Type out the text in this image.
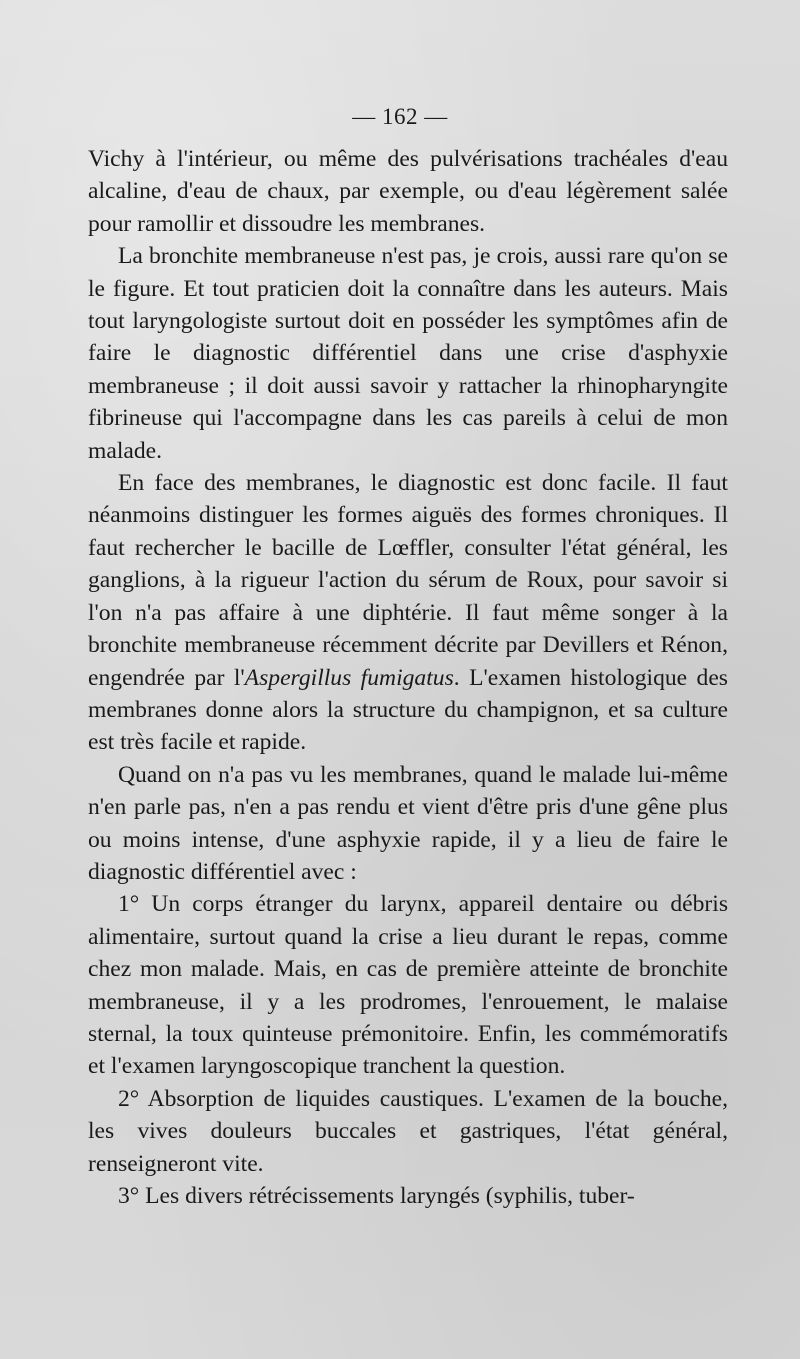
— 162 —

Vichy à l'intérieur, ou même des pulvérisations trachéales d'eau alcaline, d'eau de chaux, par exemple, ou d'eau légèrement salée pour ramollir et dissoudre les membranes.

La bronchite membraneuse n'est pas, je crois, aussi rare qu'on se le figure. Et tout praticien doit la connaître dans les auteurs. Mais tout laryngologiste surtout doit en posséder les symptômes afin de faire le diagnostic différentiel dans une crise d'asphyxie membraneuse ; il doit aussi savoir y rattacher la rhinopharyngite fibrineuse qui l'accompagne dans les cas pareils à celui de mon malade.

En face des membranes, le diagnostic est donc facile. Il faut néanmoins distinguer les formes aiguës des formes chroniques. Il faut rechercher le bacille de Lœffler, consulter l'état général, les ganglions, à la rigueur l'action du sérum de Roux, pour savoir si l'on n'a pas affaire à une diphtérie. Il faut même songer à la bronchite membraneuse récemment décrite par Devillers et Rénon, engendrée par l'Aspergillus fumigatus. L'examen histologique des membranes donne alors la structure du champignon, et sa culture est très facile et rapide.

Quand on n'a pas vu les membranes, quand le malade lui-même n'en parle pas, n'en a pas rendu et vient d'être pris d'une gêne plus ou moins intense, d'une asphyxie rapide, il y a lieu de faire le diagnostic différentiel avec :

1° Un corps étranger du larynx, appareil dentaire ou débris alimentaire, surtout quand la crise a lieu durant le repas, comme chez mon malade. Mais, en cas de première atteinte de bronchite membraneuse, il y a les prodromes, l'enrouement, le malaise sternal, la toux quinteuse prémonitoire. Enfin, les commémoratifs et l'examen laryngoscopique tranchent la question.

2° Absorption de liquides caustiques. L'examen de la bouche, les vives douleurs buccales et gastriques, l'état général, renseigneront vite.

3° Les divers rétrécissements laryngés (syphilis, tuber-
